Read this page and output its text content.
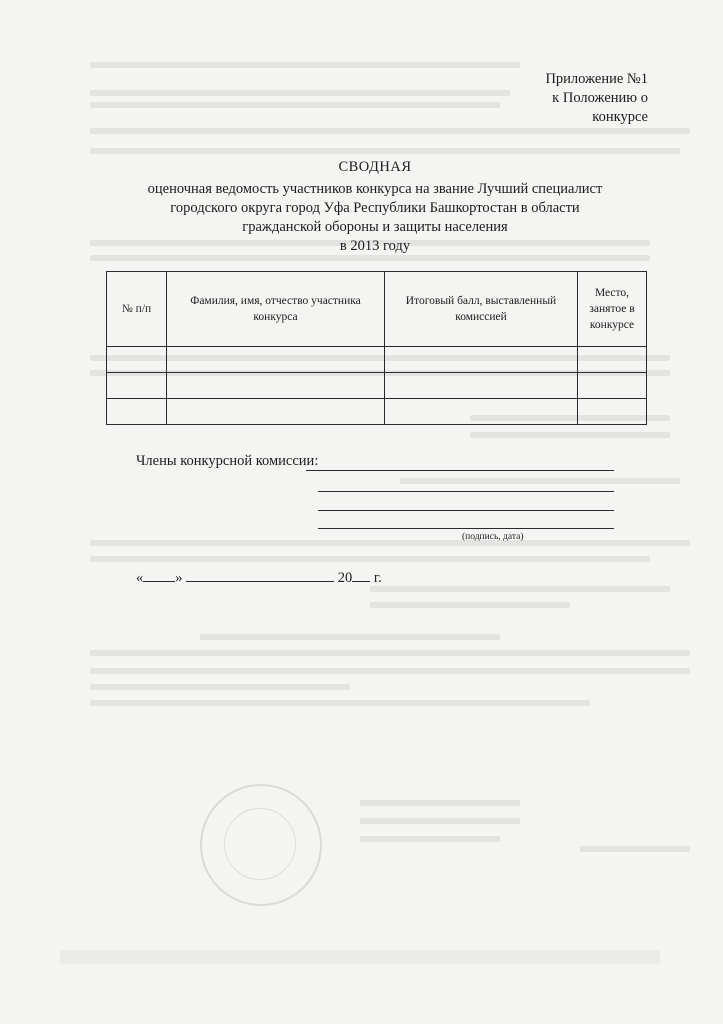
Приложение №1
к Положению о
конкурсе
СВОДНАЯ
оценочная ведомость участников конкурса на звание Лучший специалист
городского округа город Уфа Республики Башкортостан в области
гражданской обороны и защиты населения
в 2013 году
№ п/п	Фамилия, имя, отчество участника конкурса	Итоговый балл, выставленный комиссией	Место, занятое в конкурсе

Члены конкурсной комиссии:
(подпись, дата)
« »	20 г.
